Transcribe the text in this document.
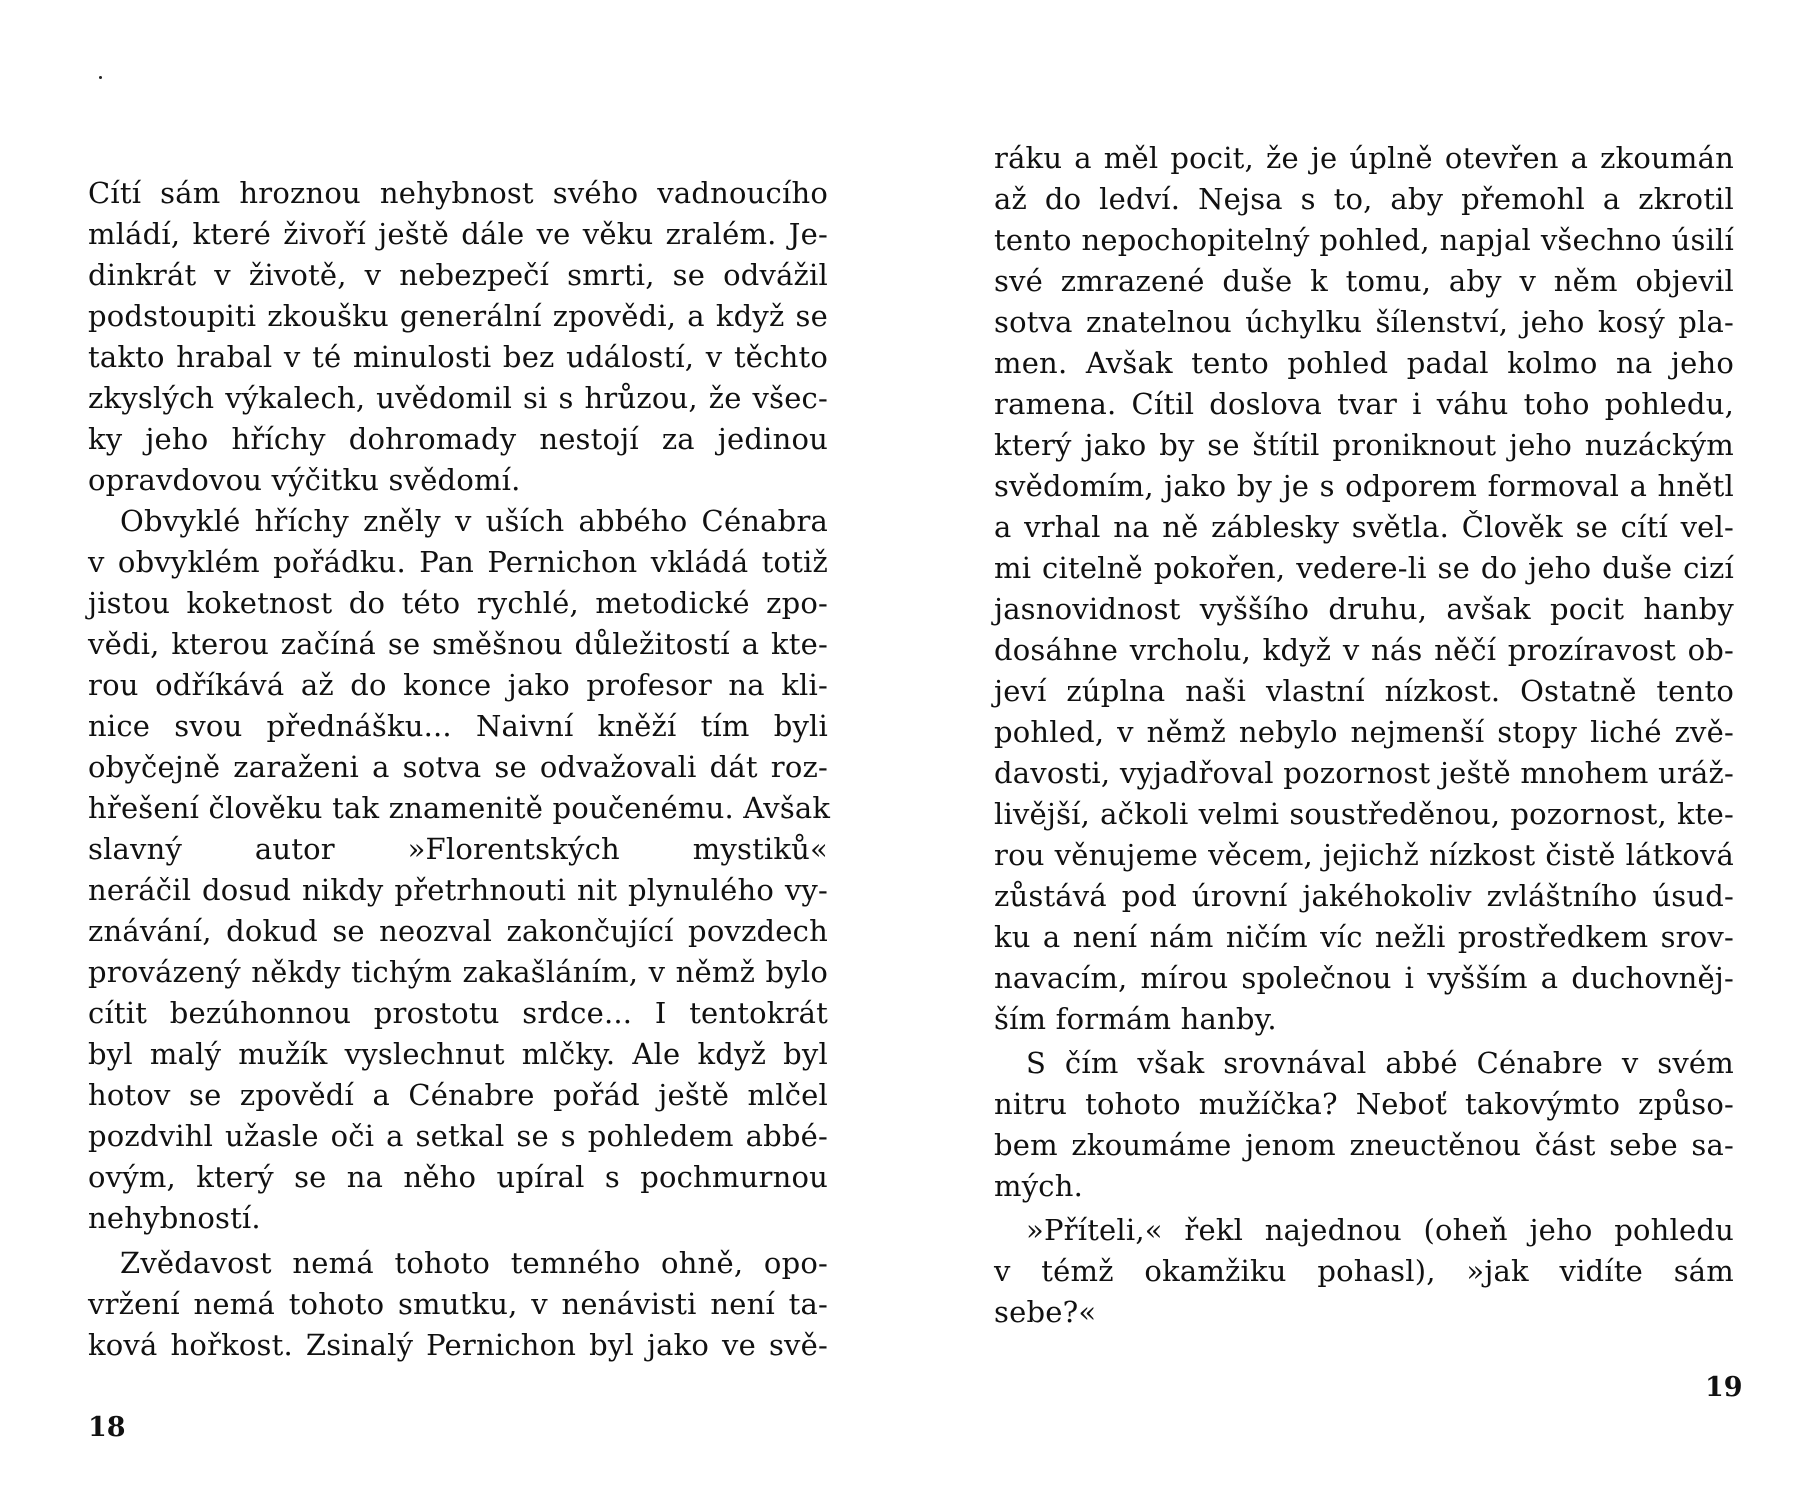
Cítí sám hroznou nehybnost svého vadnoucího
mládí, které živoří ještě dále ve věku zralém. Je-
dinkrát v životě, v nebezpečí smrti, se odvážil
podstoupiti zkoušku generální zpovědi, a když se
takto hrabal v té minulosti bez událostí, v těchto
zkyslých výkalech, uvědomil si s hrůzou, že všec-
ky jeho hříchy dohromady nestojí za jedinou
opravdovou výčitku svědomí.
Obvyklé hříchy zněly v uších abbého Cénabra
v obvyklém pořádku. Pan Pernichon vkládá totiž
jistou koketnost do této rychlé, metodické zpo-
vědi, kterou začíná se směšnou důležitostí a kte-
rou odříkává až do konce jako profesor na kli-
nice svou přednášku... Naivní kněží tím byli
obyčejně zaraženi a sotva se odvažovali dát roz-
hřešení člověku tak znamenitě poučenému. Avšak
slavný autor »Florentských mystiků«
neráčil dosud nikdy přetrhnouti nit plynulého vy-
znávání, dokud se neozval zakončující povzdech
provázený někdy tichým zakašláním, v němž bylo
cítit bezúhonnou prostotu srdce... I tentokrát
byl malý mužík vyslechnut mlčky. Ale když byl
hotov se zpovědí a Cénabre pořád ještě mlčel
pozdvihl užasle oči a setkal se s pohledem abbé-
ovým, který se na něho upíral s pochmurnou
nehybností.
Zvědavost nemá tohoto temného ohně, opo-
vržení nemá tohoto smutku, v nenávisti není ta-
ková hořkost. Zsinalý Pernichon byl jako ve svě-
18
ráku a měl pocit, že je úplně otevřen a zkoumán
až do ledví. Nejsa s to, aby přemohl a zkrotil
tento nepochopitelný pohled, napjal všechno úsilí
své zmrazené duše k tomu, aby v něm objevil
sotva znatelnou úchylku šílenství, jeho kosý pla-
men. Avšak tento pohled padal kolmo na jeho
ramena. Cítil doslova tvar i váhu toho pohledu,
který jako by se štítil proniknout jeho nuzáckým
svědomím, jako by je s odporem formoval a hnětl
a vrhal na ně záblesky světla. Člověk se cítí vel-
mi citelně pokořen, vedere-li se do jeho duše cizí
jasnovidnost vyššího druhu, avšak pocit hanby
dosáhne vrcholu, když v nás něčí prozíravost ob-
jeví zúplna naši vlastní nízkost. Ostatně tento
pohled, v němž nebylo nejmenší stopy liché zvě-
davosti, vyjadřoval pozornost ještě mnohem uráž-
livější, ačkoli velmi soustředěnou, pozornost, kte-
rou věnujeme věcem, jejichž nízkost čistě látková
zůstává pod úrovní jakéhokoliv zvláštního úsud-
ku a není nám ničím víc nežli prostředkem srov-
navacím, mírou společnou i vyšším a duchovněj-
ším formám hanby.
S čím však srovnával abbé Cénabre v svém
nitru tohoto mužíčka? Neboť takovýmto způso-
bem zkoumáme jenom zneuctěnou část sebe sa-
mých.
»Příteli,« řekl najednou (oheň jeho pohledu
v témž okamžiku pohasl), »jak vidíte sám
sebe?«
19
